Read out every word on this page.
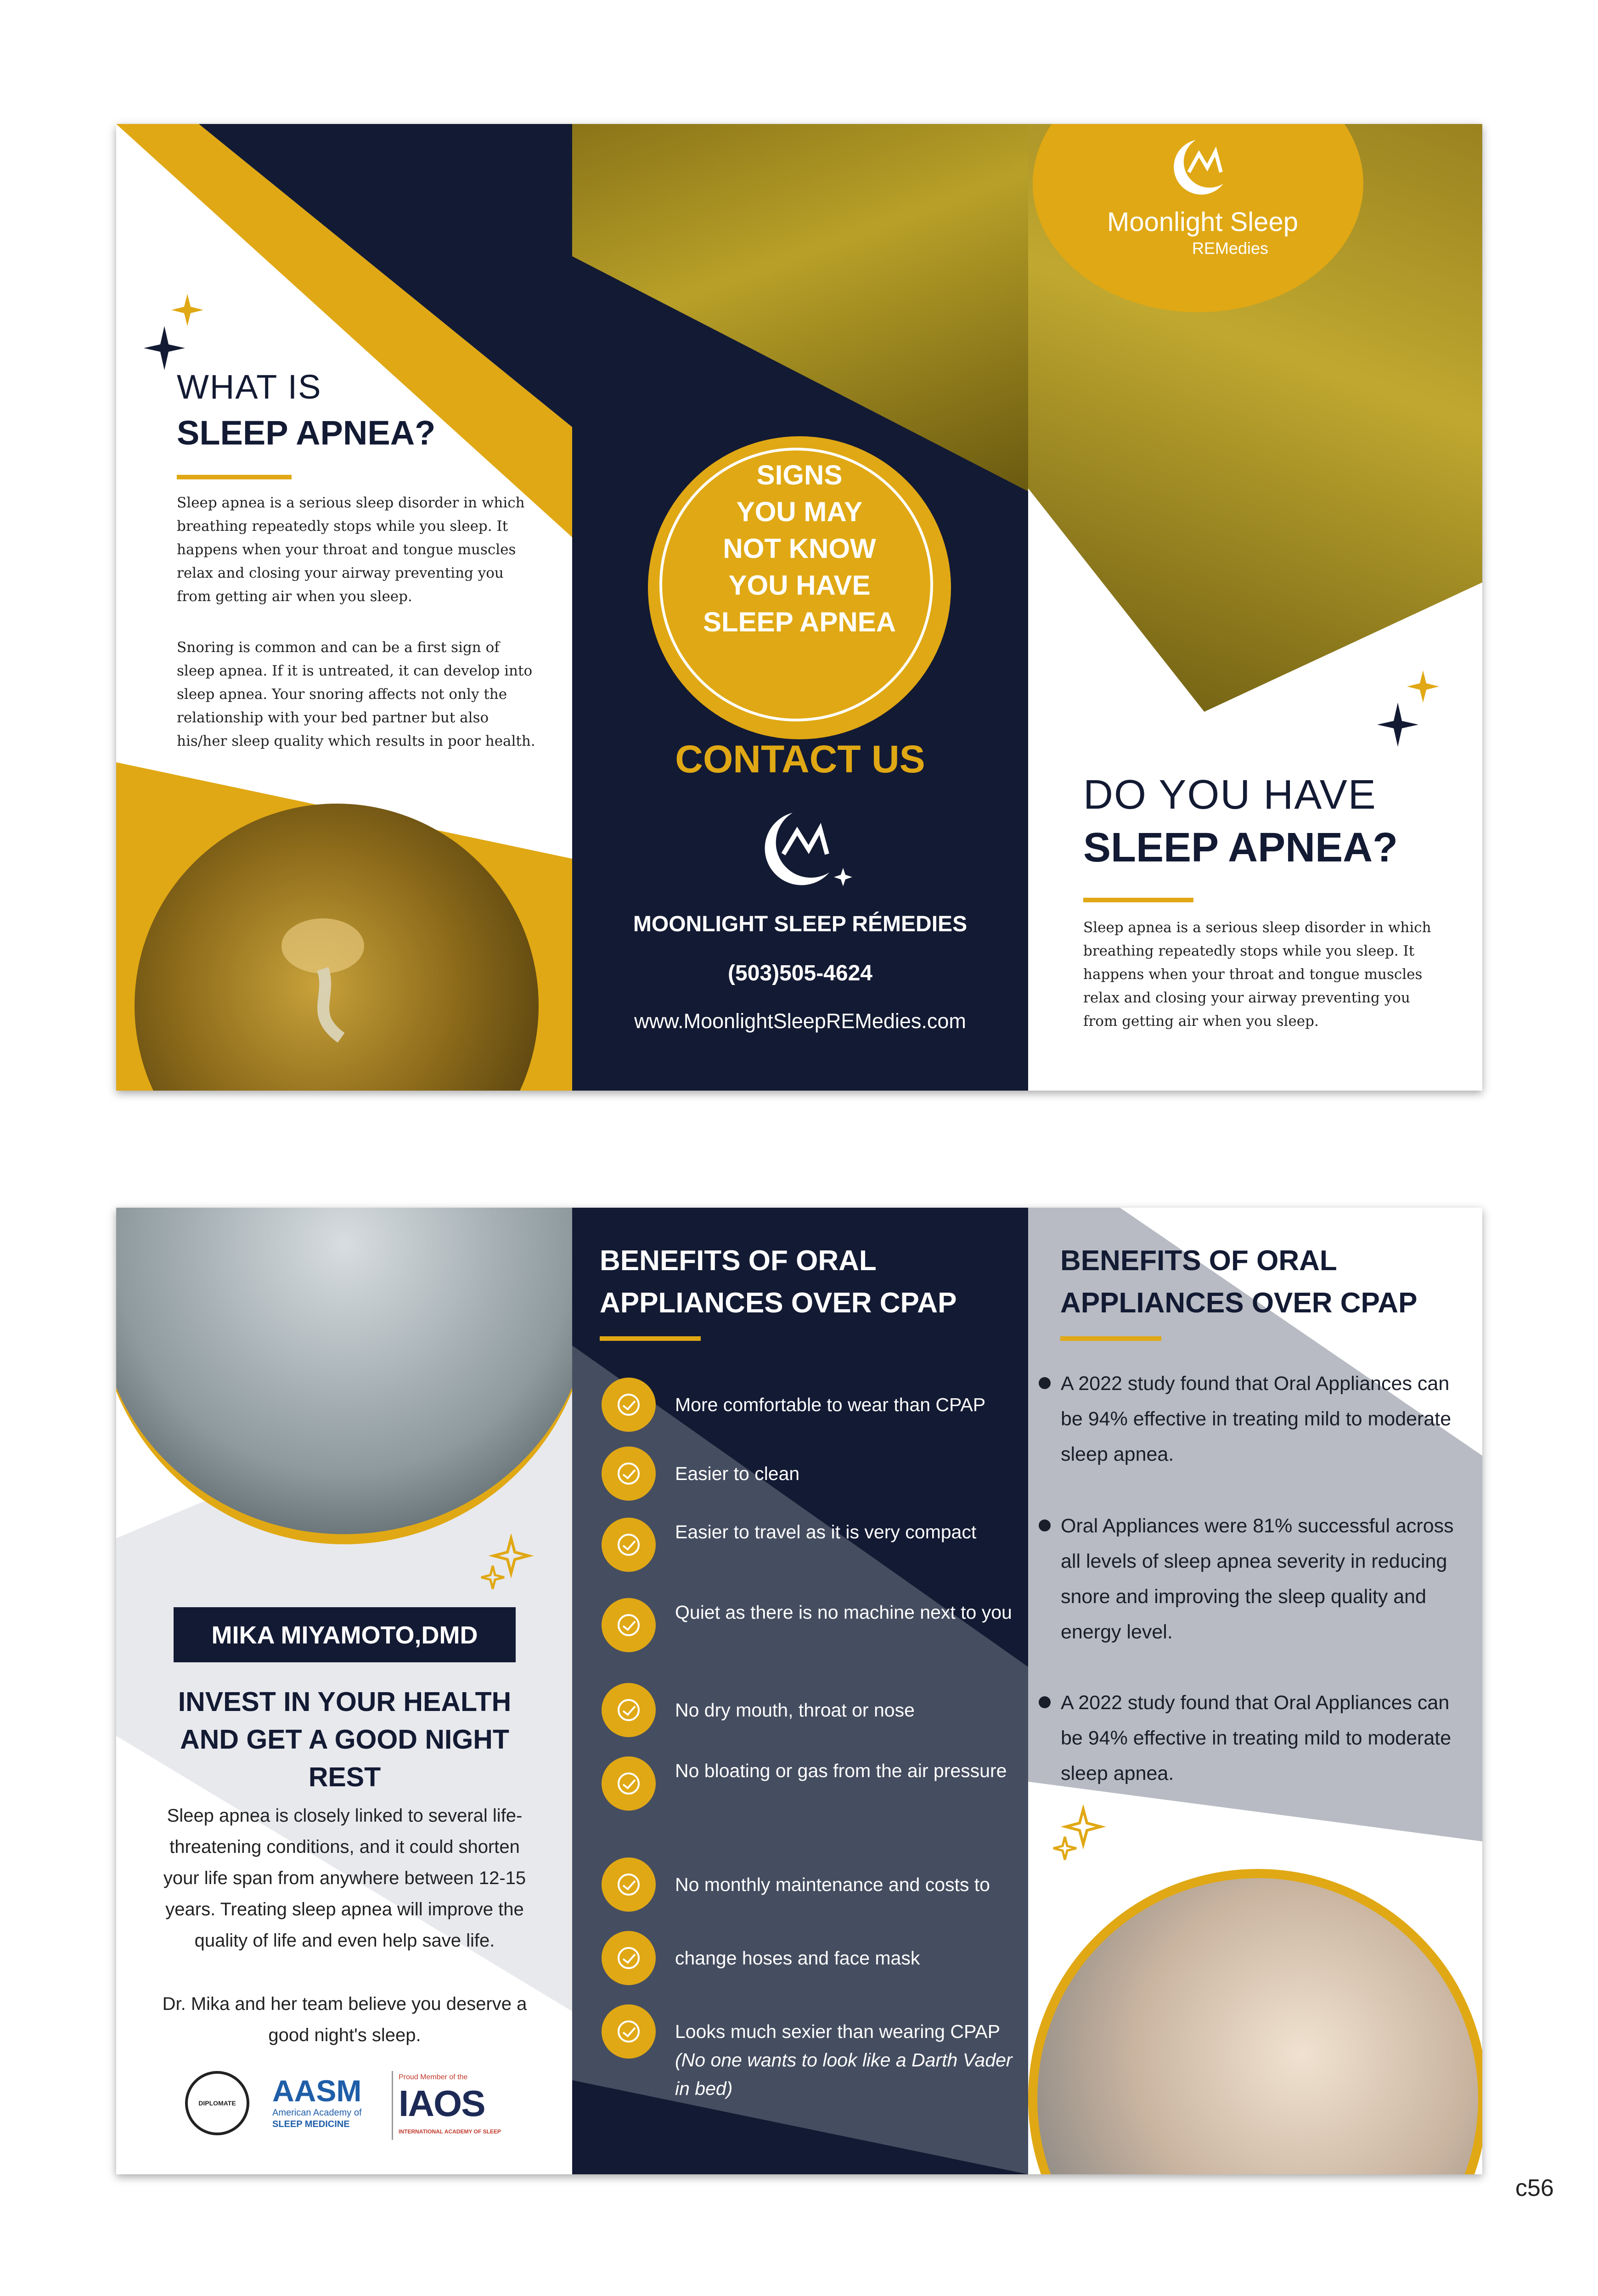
WHAT IS
SLEEP APNEA?
Sleep apnea is a serious sleep disorder in which breathing repeatedly stops while you sleep. It happens when your throat and tongue muscles relax and closing your airway preventing you from getting air when you sleep.
Snoring is common and can be a first sign of sleep apnea. If it is untreated, it can develop into sleep apnea. Your snoring affects not only the relationship with your bed partner but also his/her sleep quality which results in poor health.
SIGNS
YOU MAY
NOT KNOW
YOU HAVE
SLEEP APNEA
CONTACT US
MOONLIGHT SLEEP RÉMEDIES
(503)505-4624
www.MoonlightSleepREMedies.com
Moonlight Sleep
REMedies
DO YOU HAVE
SLEEP APNEA?
Sleep apnea is a serious sleep disorder in which breathing repeatedly stops while you sleep. It happens when your throat and tongue muscles relax and closing your airway preventing you from getting air when you sleep.
MIKA MIYAMOTO,DMD
INVEST IN YOUR HEALTH AND GET A GOOD NIGHT REST
Sleep apnea is closely linked to several life-threatening conditions, and it could shorten your life span from anywhere between 12-15 years. Treating sleep apnea will improve the quality of life and even help save life.
Dr. Mika and her team believe you deserve a good night's sleep.
DIPLOMATE AASM
American Academy of
SLEEP MEDICINE
Proud Member of the
IAOS
INTERNATIONAL ACADEMY OF SLEEP
BENEFITS OF ORAL
APPLIANCES OVER CPAP
BENEFITS OF ORAL
APPLIANCES OVER CPAP
More comfortable to wear than CPAP
Easier to clean
Easier to travel as it is very compact
Quiet as there is no machine next to you
No dry mouth, throat or nose
No bloating or gas from the air pressure
No monthly maintenance and costs to
change hoses and face mask
Looks much sexier than wearing CPAP
(No one wants to look like a Darth Vader in bed)
A 2022 study found that Oral Appliances can be 94% effective in treating mild to moderate sleep apnea.
Oral Appliances were 81% successful across all levels of sleep apnea severity in reducing snore and improving the sleep quality and energy level.
A 2022 study found that Oral Appliances can be 94% effective in treating mild to moderate sleep apnea.
c56
